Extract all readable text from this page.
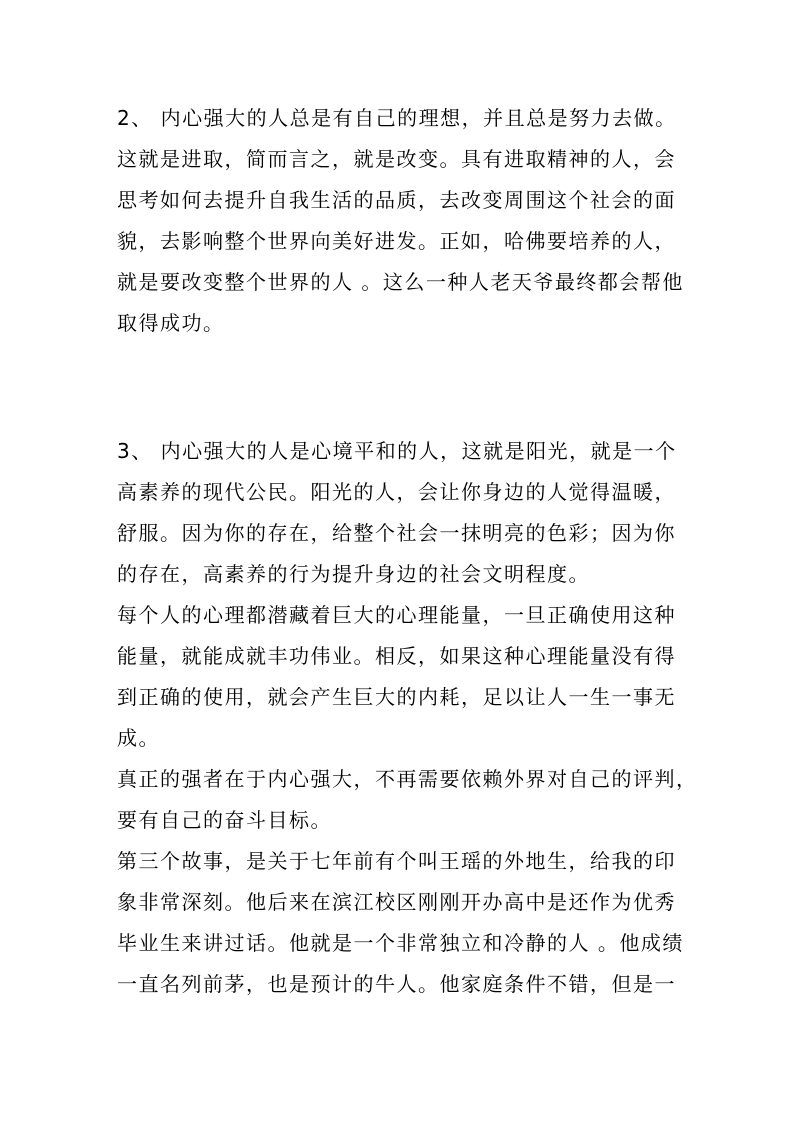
2、 内心强大的人总是有自己的理想，并且总是努力去做。
这就是进取，简而言之，就是改变。具有进取精神的人，会
思考如何去提升自我生活的品质，去改变周围这个社会的面
貌，去影响整个世界向美好进发。正如，哈佛要培养的人，
就是要改变整个世界的人 。这么一种人老天爷最终都会帮他
取得成功。
3、 内心强大的人是心境平和的人，这就是阳光，就是一个
高素养的现代公民。阳光的人，会让你身边的人觉得温暖，
舒服。因为你的存在，给整个社会一抹明亮的色彩；因为你
的存在，高素养的行为提升身边的社会文明程度。
每个人的心理都潜藏着巨大的心理能量，一旦正确使用这种
能量，就能成就丰功伟业。相反，如果这种心理能量没有得
到正确的使用，就会产生巨大的内耗，足以让人一生一事无
成。
真正的强者在于内心强大，不再需要依赖外界对自己的评判，
要有自己的奋斗目标。
第三个故事，是关于七年前有个叫王瑶的外地生，给我的印
象非常深刻。他后来在滨江校区刚刚开办高中是还作为优秀
毕业生来讲过话。他就是一个非常独立和冷静的人 。他成绩
一直名列前茅，也是预计的牛人。他家庭条件不错，但是一
